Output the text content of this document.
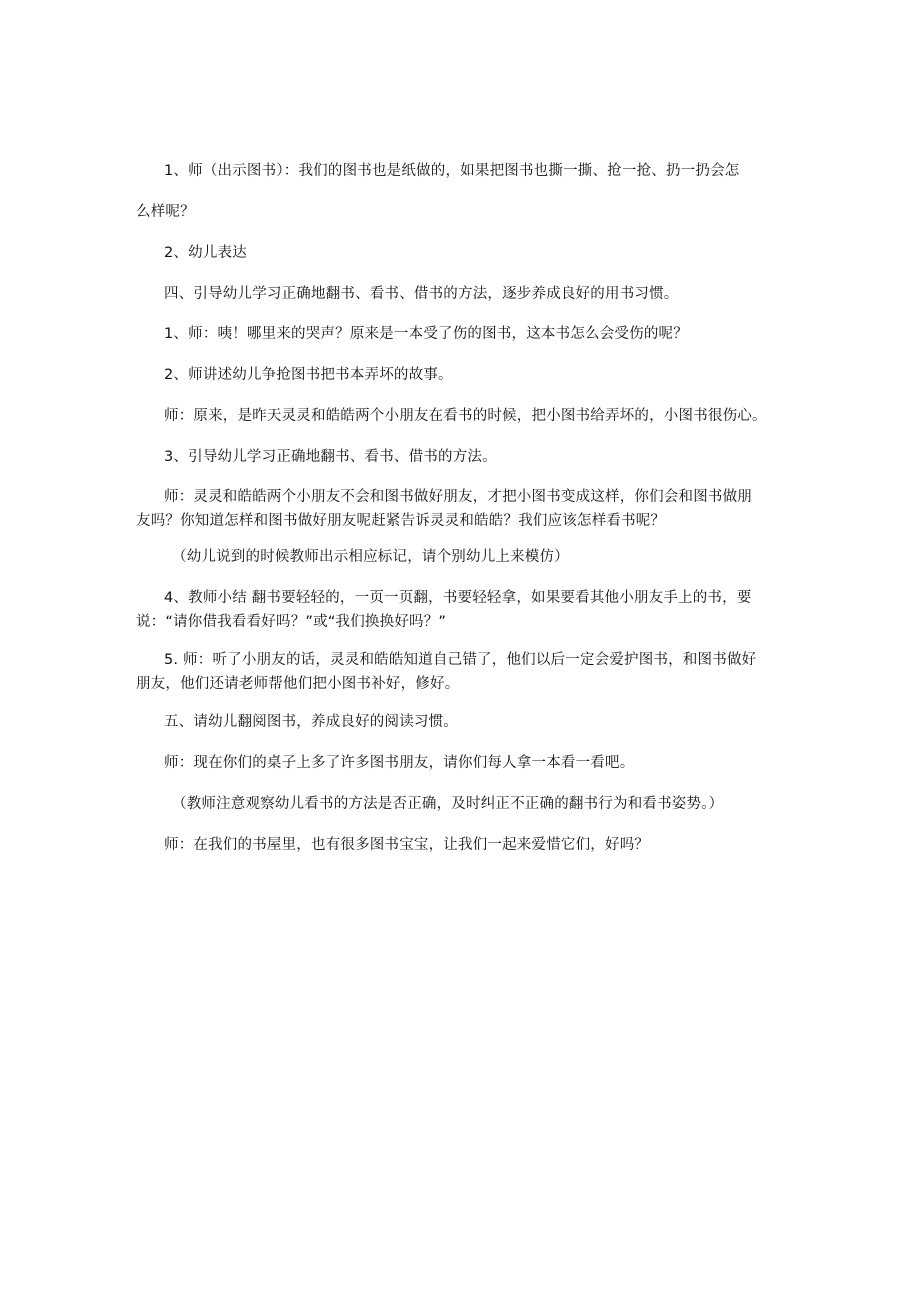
1、师（出示图书）：我们的图书也是纸做的，如果把图书也撕一撕、抢一抢、扔一扔会怎
么样呢？
2、幼儿表达
四、引导幼儿学习正确地翻书、看书、借书的方法，逐步养成良好的用书习惯。
1、师：咦！哪里来的哭声？原来是一本受了伤的图书，这本书怎么会受伤的呢？
2、师讲述幼儿争抢图书把书本弄坏的故事。
师：原来，是昨天灵灵和皓皓两个小朋友在看书的时候，把小图书给弄坏的，小图书很伤心。
3、引导幼儿学习正确地翻书、看书、借书的方法。
师：灵灵和皓皓两个小朋友不会和图书做好朋友，才把小图书变成这样，你们会和图书做朋
友吗？你知道怎样和图书做好朋友呢赶紧告诉灵灵和皓皓？我们应该怎样看书呢？
（幼儿说到的时候教师出示相应标记，请个别幼儿上来模仿）
4、教师小结 翻书要轻轻的，一页一页翻，书要轻轻拿，如果要看其他小朋友手上的书，要
说：“请你借我看看好吗？”或“我们换换好吗？”
5. 师：听了小朋友的话，灵灵和皓皓知道自己错了，他们以后一定会爱护图书，和图书做好
朋友，他们还请老师帮他们把小图书补好，修好。
五、请幼儿翻阅图书，养成良好的阅读习惯。
师：现在你们的桌子上多了许多图书朋友，请你们每人拿一本看一看吧。
（教师注意观察幼儿看书的方法是否正确，及时纠正不正确的翻书行为和看书姿势。）
师：在我们的书屋里，也有很多图书宝宝，让我们一起来爱惜它们，好吗？
